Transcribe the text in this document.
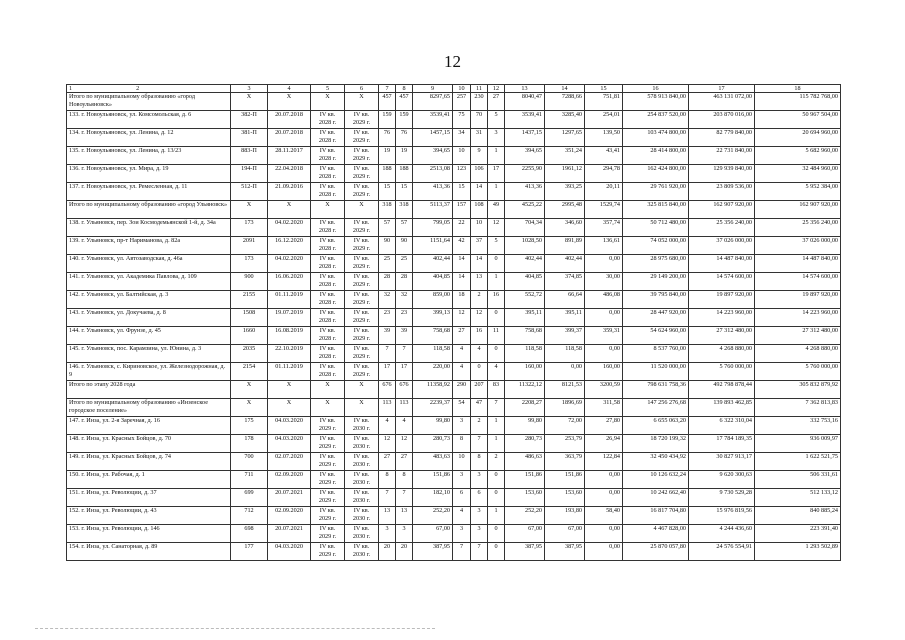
12
1 2	3	4	5	6	7	8	9	10	11	12	13	14	15	16	17	18
Итого по муниципальному образованию «город Новоульяновск»	X	X	X	X	457	457	8297,65	257	230	27	8040,47	7288,66	751,81	578 913 840,00	463 131 072,00	115 782 768,00
133. г. Новоульяновск, ул. Комсомольская, д. 6	382-П	20.07.2018	IV кв. 2028 г.	IV кв. 2029 г.	159	159	3539,41	75	70	5	3539,41	3285,40	254,01	254 837 520,00	203 870 016,00	50 967 504,00
134. г. Новоульяновск, ул. Ленина, д. 12	381-П	20.07.2018	IV кв. 2028 г.	IV кв. 2029 г.	76	76	1457,15	34	31	3	1437,15	1297,65	139,50	103 474 800,00	82 779 840,00	20 694 960,00
135. г. Новоульяновск, ул. Ленина, д. 13/23	883-П	28.11.2017	IV кв. 2028 г.	IV кв. 2029 г.	19	19	394,65	10	9	1	394,65	351,24	43,41	28 414 800,00	22 731 840,00	5 682 960,00
136. г. Новоульяновск, ул. Мира, д. 19	194-П	22.04.2018	IV кв. 2028 г.	IV кв. 2029 г.	188	188	2513,08	123	106	17	2255,90	1961,12	294,78	162 424 800,00	129 939 840,00	32 484 960,00
137. г. Новоульяновск, ул. Ремесленная, д. 11	512-П	21.09.2016	IV кв. 2028 г.	IV кв. 2029 г.	15	15	413,36	15	14	1	413,36	393,25	20,11	29 761 920,00	23 809 536,00	5 952 384,00
Итого по муниципальному образованию «город Ульяновск»	X	X	X	X	318	318	5113,37	157	108	49	4525,22	2995,48	1529,74	325 815 840,00	162 907 920,00	162 907 920,00
138. г. Ульяновск, пер. Зои Космодемьянской 1-й, д. 34а	173	04.02.2020	IV кв. 2028 г.	IV кв. 2029 г.	57	57	799,05	22	10	12	704,34	346,60	357,74	50 712 480,00	25 356 240,00	25 356 240,00
139. г. Ульяновск, пр-т Нариманова, д. 82а	2091	16.12.2020	IV кв. 2028 г.	IV кв. 2029 г.	90	90	1151,64	42	37	5	1028,50	891,89	136,61	74 052 000,00	37 026 000,00	37 026 000,00
140. г. Ульяновск, ул. Автозаводская, д. 46а	173	04.02.2020	IV кв. 2028 г.	IV кв. 2029 г.	25	25	402,44	14	14	0	402,44	402,44	0,00	28 975 680,00	14 487 840,00	14 487 840,00
141. г. Ульяновск, ул. Академика Павлова, д. 109	900	16.06.2020	IV кв. 2028 г.	IV кв. 2029 г.	28	28	404,85	14	13	1	404,85	374,85	30,00	29 149 200,00	14 574 600,00	14 574 600,00
142. г. Ульяновск, ул. Балтийская, д. 3	2155	01.11.2019	IV кв. 2028 г.	IV кв. 2029 г.	32	32	859,00	18	2	16	552,72	66,64	486,08	39 795 840,00	19 897 920,00	19 897 920,00
143. г. Ульяновск, ул. Докучаева, д. 8	1508	19.07.2019	IV кв. 2028 г.	IV кв. 2029 г.	23	23	399,13	12	12	0	395,11	395,11	0,00	28 447 920,00	14 223 960,00	14 223 960,00
144. г. Ульяновск, ул. Фрунзе, д. 45	1660	16.08.2019	IV кв. 2028 г.	IV кв. 2029 г.	39	39	758,68	27	16	11	758,68	399,37	359,31	54 624 960,00	27 312 480,00	27 312 480,00
145. г. Ульяновск, пос. Карамзина, ул. Юнина, д. 3	2035	22.10.2019	IV кв. 2028 г.	IV кв. 2029 г.	7	7	118,58	4	4	0	118,58	118,58	0,00	8 537 760,00	4 268 880,00	4 268 880,00
146. г. Ульяновск, с. Кириновское, ул. Железнодорожная, д. 9	2154	01.11.2019	IV кв. 2028 г.	IV кв. 2029 г.	17	17	220,00	4	0	4	160,00	0,00	160,00	11 520 000,00	5 760 000,00	5 760 000,00
Итого по этапу 2028 года	X	X	X	X	676	676	11358,92	290	207	83	11322,12	8121,53	3200,59	798 631 758,36	492 798 878,44	305 832 879,92
Итого по муниципальному образованию «Инзенское городское поселение»	X	X	X	X	113	113	2239,37	54	47	7	2208,27	1896,69	311,58	147 256 276,68	139 893 462,85	7 362 813,83
147. г. Инза, ул. 2-я Заречная, д. 16	175	04.03.2020	IV кв. 2029 г.	IV кв. 2030 г.	4	4	99,80	3	2	1	99,80	72,00	27,80	6 655 063,20	6 322 310,04	332 753,16
148. г. Инза, ул. Красных Бойцов, д. 70	178	04.03.2020	IV кв. 2029 г.	IV кв. 2030 г.	12	12	280,73	8	7	1	280,73	253,79	26,94	18 720 199,32	17 784 189,35	936 009,97
149. г. Инза, ул. Красных Бойцов, д. 74	700	02.07.2020	IV кв. 2029 г.	IV кв. 2030 г.	27	27	483,63	10	8	2	486,63	363,79	122,84	32 450 434,92	30 827 913,17	1 622 521,75
150. г. Инза, ул. Рабочая, д. 1	711	02.09.2020	IV кв. 2029 г.	IV кв. 2030 г.	8	8	151,86	3	3	0	151,86	151,86	0,00	10 126 632,24	9 620 300,63	506 331,61
151. г. Инза, ул. Революции, д. 37	699	20.07.2021	IV кв. 2029 г.	IV кв. 2030 г.	7	7	182,10	6	6	0	153,60	153,60	0,00	10 242 662,40	9 730 529,28	512 133,12
152. г. Инза, ул. Революции, д. 43	712	02.09.2020	IV кв. 2029 г.	IV кв. 2030 г.	13	13	252,20	4	3	1	252,20	193,80	58,40	16 817 704,80	15 976 819,56	840 885,24
153. г. Инза, ул. Революции, д. 146	698	20.07.2021	IV кв. 2029 г.	IV кв. 2030 г.	3	3	67,00	3	3	0	67,00	67,00	0,00	4 467 828,00	4 244 436,60	223 391,40
154. г. Инза, ул. Санаторная, д. 89	177	04.03.2020	IV кв. 2029 г.	IV кв. 2030 г.	20	20	387,95	7	7	0	387,95	387,95	0,00	25 870 057,80	24 576 554,91	1 293 502,89
